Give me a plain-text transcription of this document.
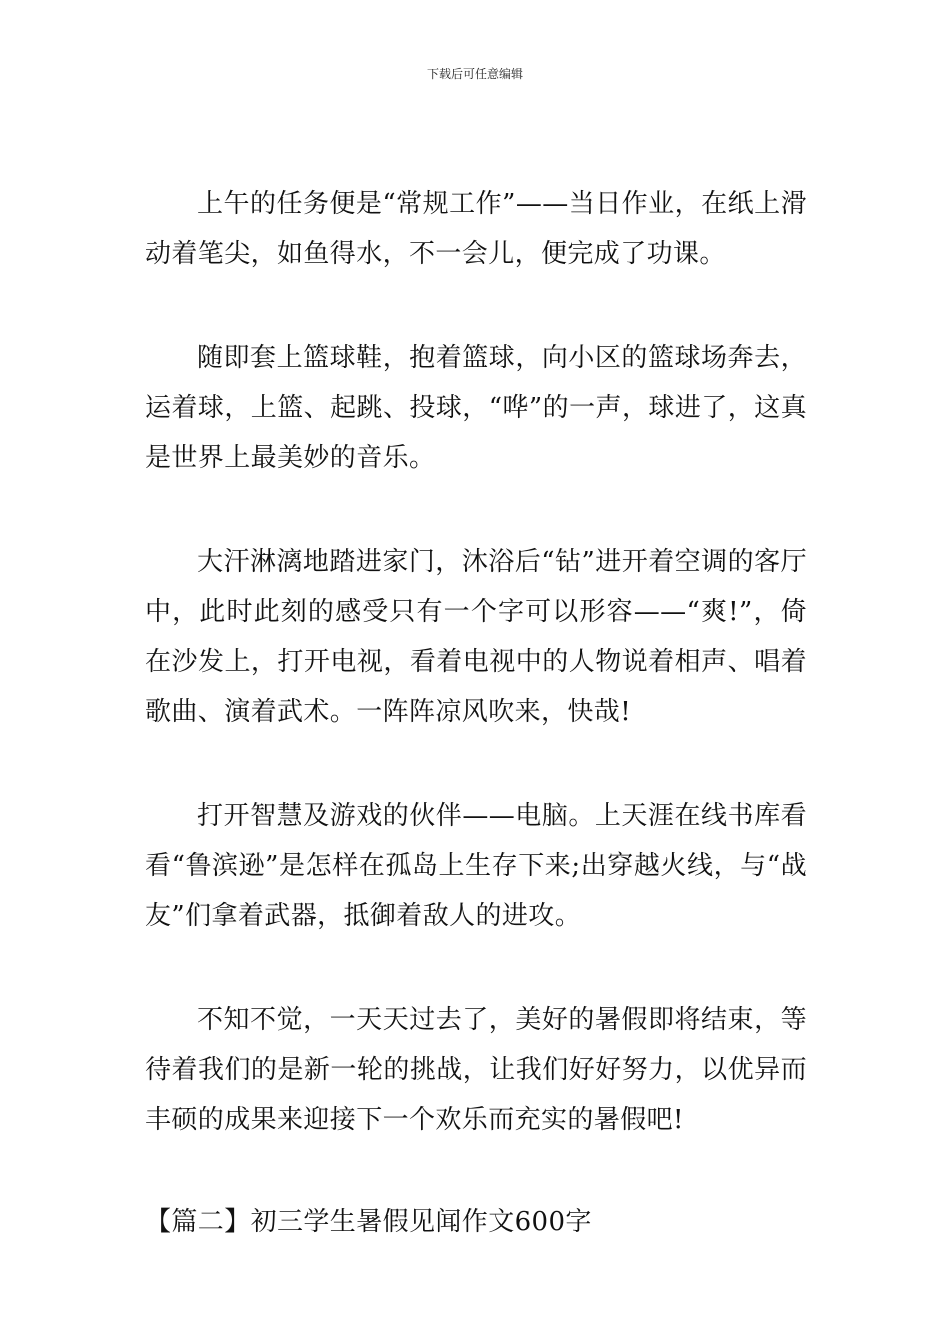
下载后可任意编辑

上午的任务便是“常规工作”——当日作业，在纸上滑动着笔尖，如鱼得水，不一会儿，便完成了功课。

随即套上篮球鞋，抱着篮球，向小区的篮球场奔去，运着球，上篮、起跳、投球，“哗”的一声，球进了，这真是世界上最美妙的音乐。

大汗淋漓地踏进家门，沐浴后“钻”进开着空调的客厅中，此时此刻的感受只有一个字可以形容——“爽!”，倚在沙发上，打开电视，看着电视中的人物说着相声、唱着歌曲、演着武术。一阵阵凉风吹来，快哉!

打开智慧及游戏的伙伴——电脑。上天涯在线书库看看“鲁滨逊”是怎样在孤岛上生存下来;出穿越火线，与“战友”们拿着武器，抵御着敌人的进攻。

不知不觉，一天天过去了，美好的暑假即将结束，等待着我们的是新一轮的挑战，让我们好好努力，以优异而丰硕的成果来迎接下一个欢乐而充实的暑假吧!

【篇二】初三学生暑假见闻作文600字
